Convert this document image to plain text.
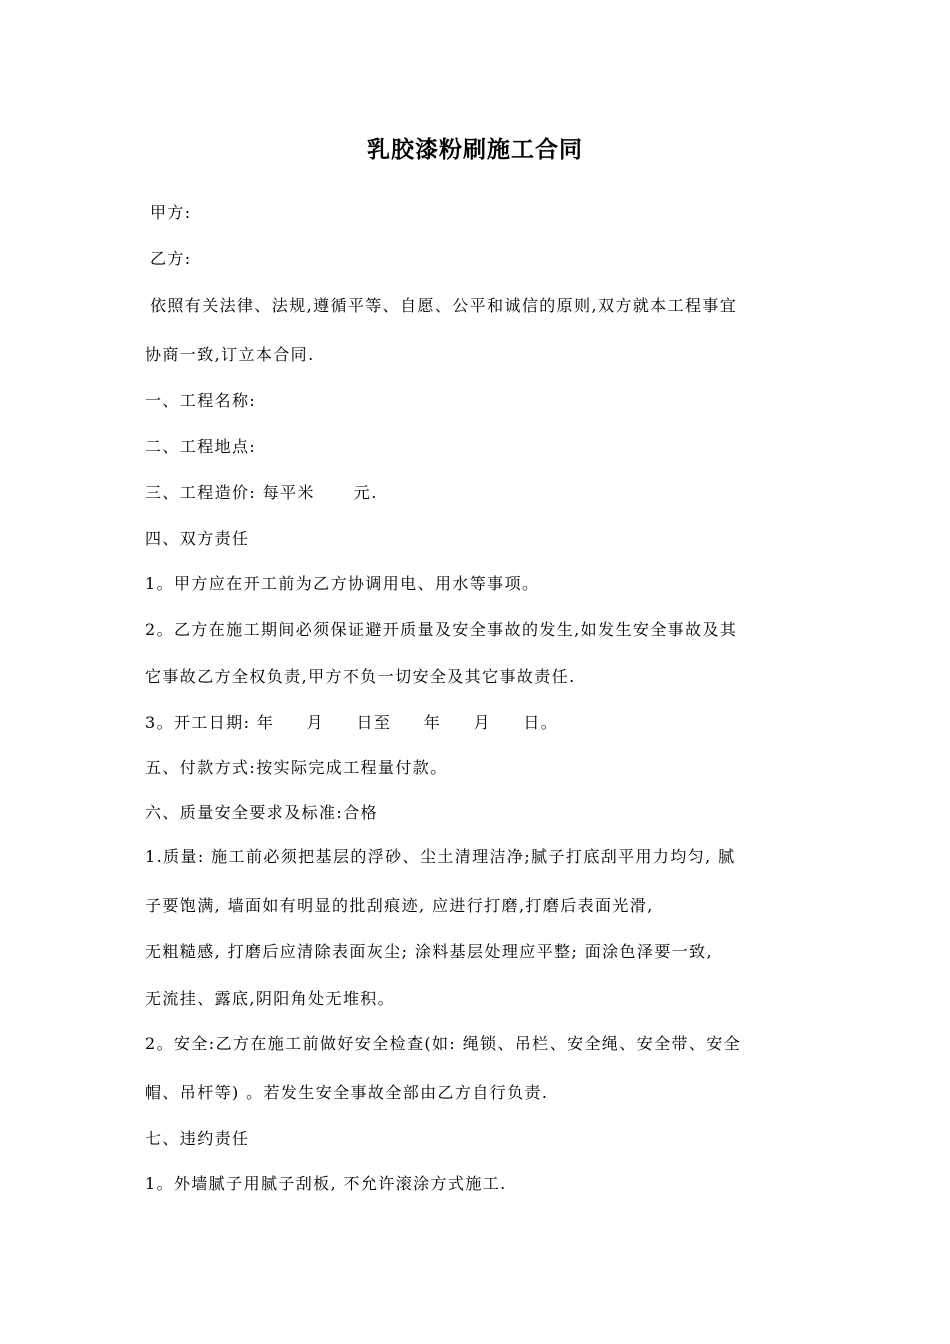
乳胶漆粉刷施工合同
甲方:
乙方:
依照有关法律、法规,遵循平等、自愿、公平和诚信的原则,双方就本工程事宜
协商一致,订立本合同.
一、工程名称:
二、工程地点:
三、工程造价: 每平米      元.
四、双方责任
1。甲方应在开工前为乙方协调用电、用水等事项。
2。乙方在施工期间必须保证避开质量及安全事故的发生,如发生安全事故及其
它事故乙方全权负责,甲方不负一切安全及其它事故责任.
3。开工日期: 年     月     日至     年     月     日。
五、付款方式:按实际完成工程量付款。
六、质量安全要求及标准:合格
1.质量: 施工前必须把基层的浮砂、尘土清理洁净;腻子打底刮平用力均匀, 腻
子要饱满, 墙面如有明显的批刮痕迹, 应进行打磨,打磨后表面光滑,
无粗糙感, 打磨后应清除表面灰尘; 涂料基层处理应平整; 面涂色泽要一致,
无流挂、露底,阴阳角处无堆积。
2。安全:乙方在施工前做好安全检查(如: 绳锁、吊栏、安全绳、安全带、安全
帽、吊杆等) 。若发生安全事故全部由乙方自行负责.
七、违约责任
1。外墙腻子用腻子刮板, 不允许滚涂方式施工.
